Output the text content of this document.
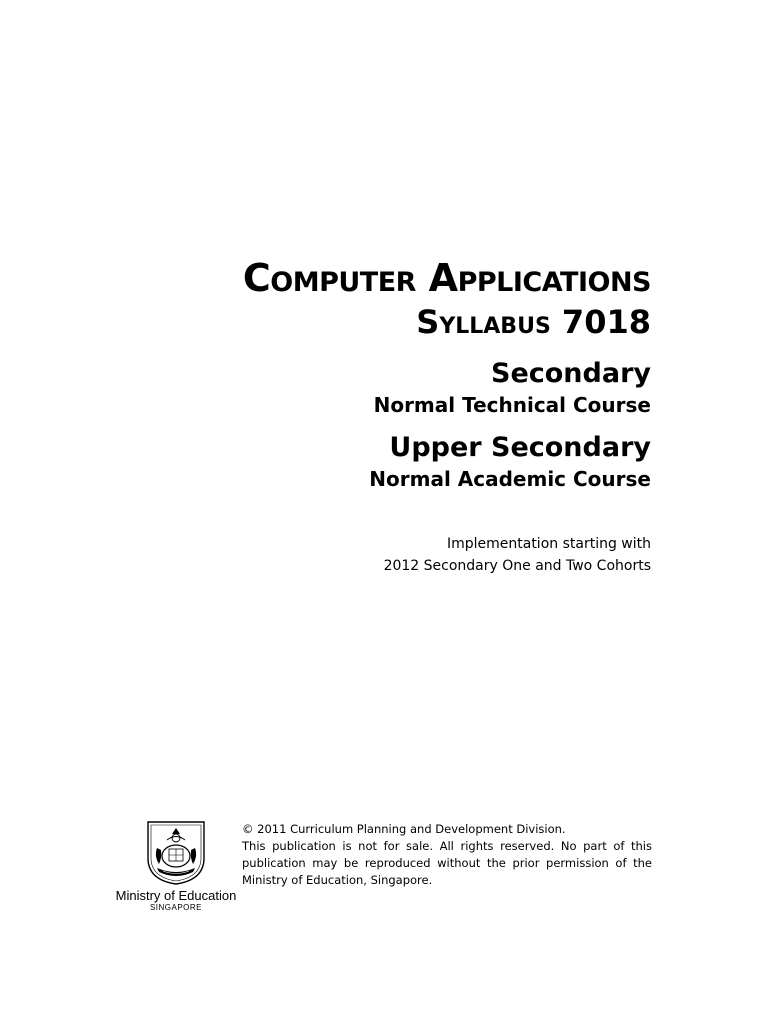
Computer Applications
Syllabus 7018
Secondary
Normal Technical Course
Upper Secondary
Normal Academic Course
Implementation starting with
2012 Secondary One and Two Cohorts
Ministry of Education
SINGAPORE

© 2011 Curriculum Planning and Development Division.

This publication is not for sale. All rights reserved. No part of this publication may be reproduced without the prior permission of the Ministry of Education, Singapore.
